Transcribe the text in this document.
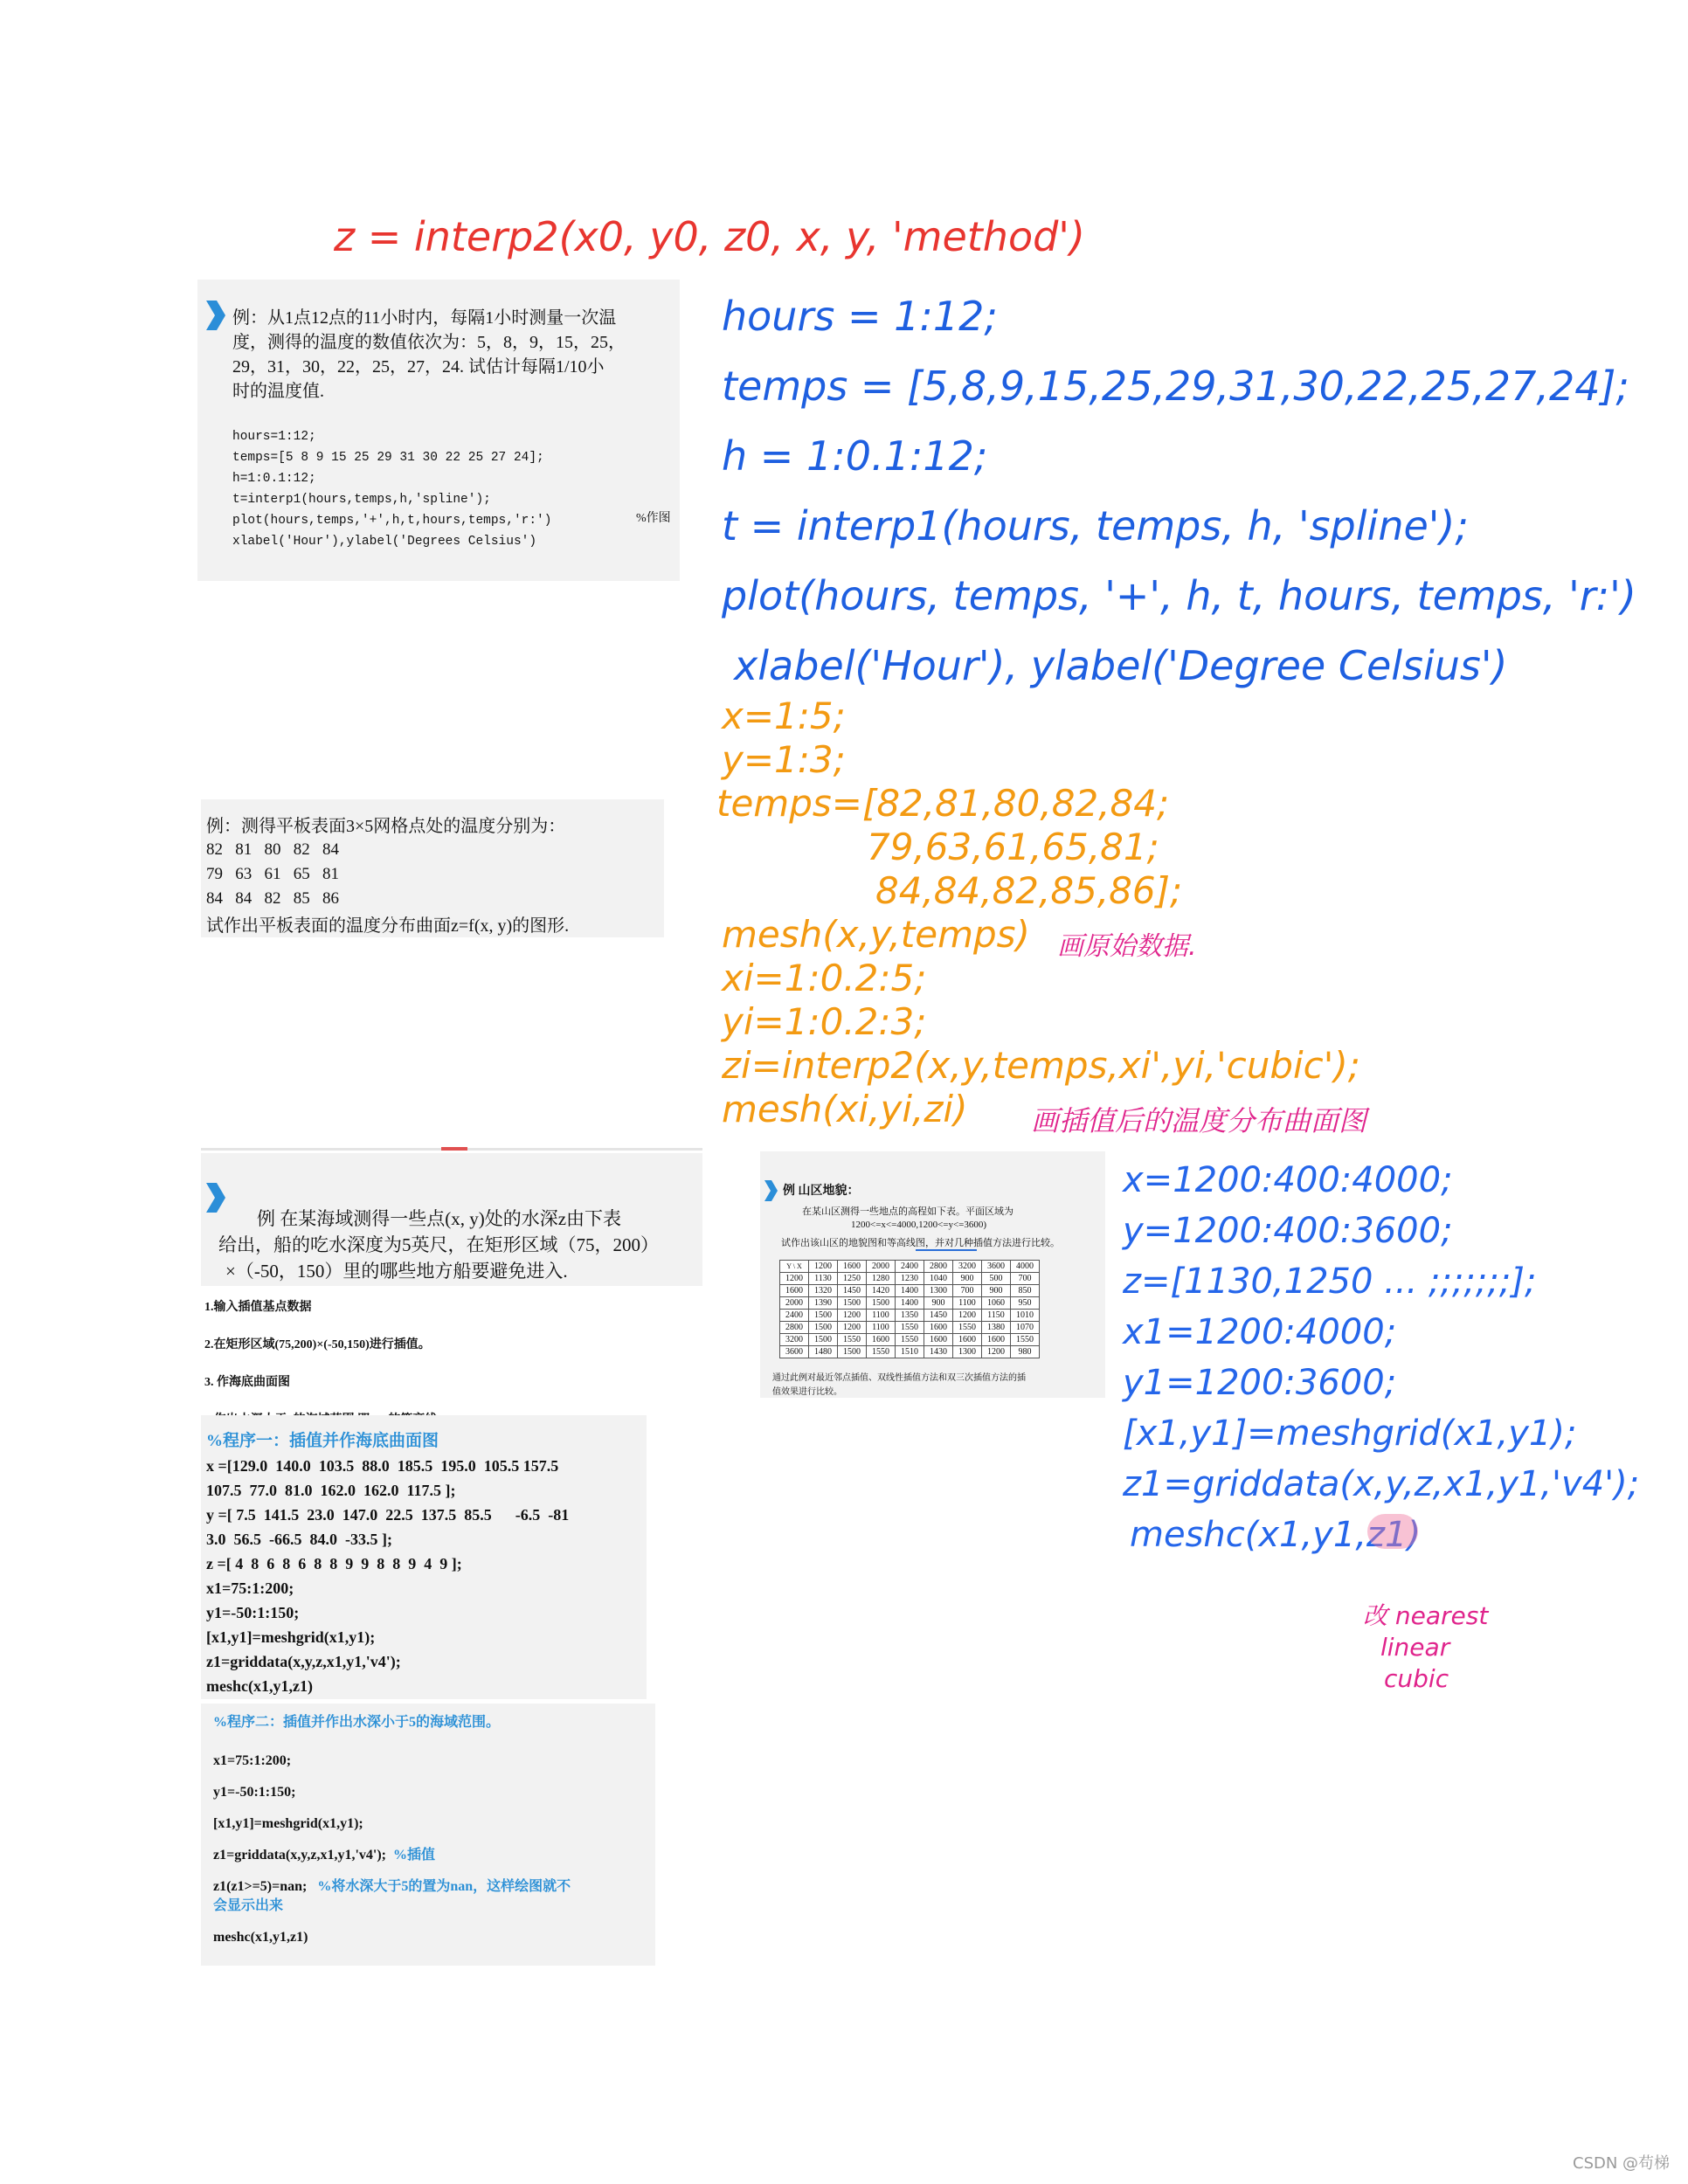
z = interp2(x0, y0, z0, x, y, 'method')
例：从1点12点的11小时内，每隔1小时测量一次温
度，测得的温度的数值依次为：5，8，9，15，25，
29，31，30，22，25，27，24. 试估计每隔1/10小
时的温度值.
hours=1:12;
temps=[5 8 9 15 25 29 31 30 22 25 27 24];
h=1:0.1:12;
t=interp1(hours,temps,h,'spline');
plot(hours,temps,'+',h,t,hours,temps,'r:')
xlabel('Hour'),ylabel('Degrees Celsius')
%作图
hours = 1:12;
temps = [5,8,9,15,25,29,31,30,22,25,27,24];
h = 1:0.1:12;
t = interp1(hours, temps, h, 'spline');
plot(hours, temps, '+', h, t, hours, temps, 'r:')
xlabel('Hour'), ylabel('Degree Celsius')
例：测得平板表面3×5网格点处的温度分别为：
82   81   80   82   84
79   63   61   65   81
84   84   82   85   86
试作出平板表面的温度分布曲面z=f(x, y)的图形.
x=1:5;
y=1:3;
temps=[82,81,80,82,84;
79,63,61,65,81;
84,84,82,85,86];
mesh(x,y,temps)
xi=1:0.2:5;
yi=1:0.2:3;
zi=interp2(x,y,temps,xi',yi,'cubic');
mesh(xi,yi,zi)
画原始数据.
画插值后的温度分布曲面图
例 在某海域测得一些点(x, y)处的水深z由下表
给出，船的吃水深度为5英尺，在矩形区域（75，200）
×（-50，150）里的哪些地方船要避免进入.
1.输入插值基点数据
2.在矩形区域(75,200)×(-50,150)进行插值。
3. 作海底曲面图
%程序一：插值并作海底曲面图
x =[129.0  140.0  103.5  88.0  185.5  195.0  105.5 157.5
107.5  77.0  81.0  162.0  162.0  117.5 ];
y =[ 7.5  141.5  23.0  147.0  22.5  137.5  85.5      -6.5  -81
3.0  56.5  -66.5  84.0  -33.5 ];
z =[ 4  8  6  8  6  8  8  9  9  8  8  9  4  9 ];
x1=75:1:200;
y1=-50:1:150;
[x1,y1]=meshgrid(x1,y1);
z1=griddata(x,y,z,x1,y1,'v4');
meshc(x1,y1,z1)
%程序二：插值并作出水深小于5的海域范围。
x1=75:1:200;
y1=-50:1:150;
[x1,y1]=meshgrid(x1,y1);
z1=griddata(x,y,z,x1,y1,'v4'); %插值
z1(z1>=5)=nan; %将水深大于5的置为nan，这样绘图就不
会显示出来
meshc(x1,y1,z1)
例 山区地貌：
在某山区测得一些地点的高程如下表。平面区域为
1200<=x<=4000,1200<=y<=3600)
试作出该山区的地貌图和等高线图，并对几种插值方法进行比较。
Y \ X	1200	1600	2000	2400	2800	3200	3600	4000
1200	1130	1250	1280	1230	1040	900	500	700
1600	1320	1450	1420	1400	1300	700	900	850
2000	1390	1500	1500	1400	900	1100	1060	950
2400	1500	1200	1100	1350	1450	1200	1150	1010
2800	1500	1200	1100	1550	1600	1550	1380	1070
3200	1500	1550	1600	1550	1600	1600	1600	1550
3600	1480	1500	1550	1510	1430	1300	1200	980
通过此例对最近邻点插值、双线性插值方法和双三次插值方法的插
值效果进行比较。
x=1200:400:4000;
y=1200:400:3600;
z=[1130,1250 ... ;;;;;;;];
x1=1200:4000;
y1=1200:3600;
[x1,y1]=meshgrid(x1,y1);
z1=griddata(x,y,z,x1,y1,'v4');
meshc(x1,y1,z1)
改 nearest
linear
cubic
CSDN @苟梯
